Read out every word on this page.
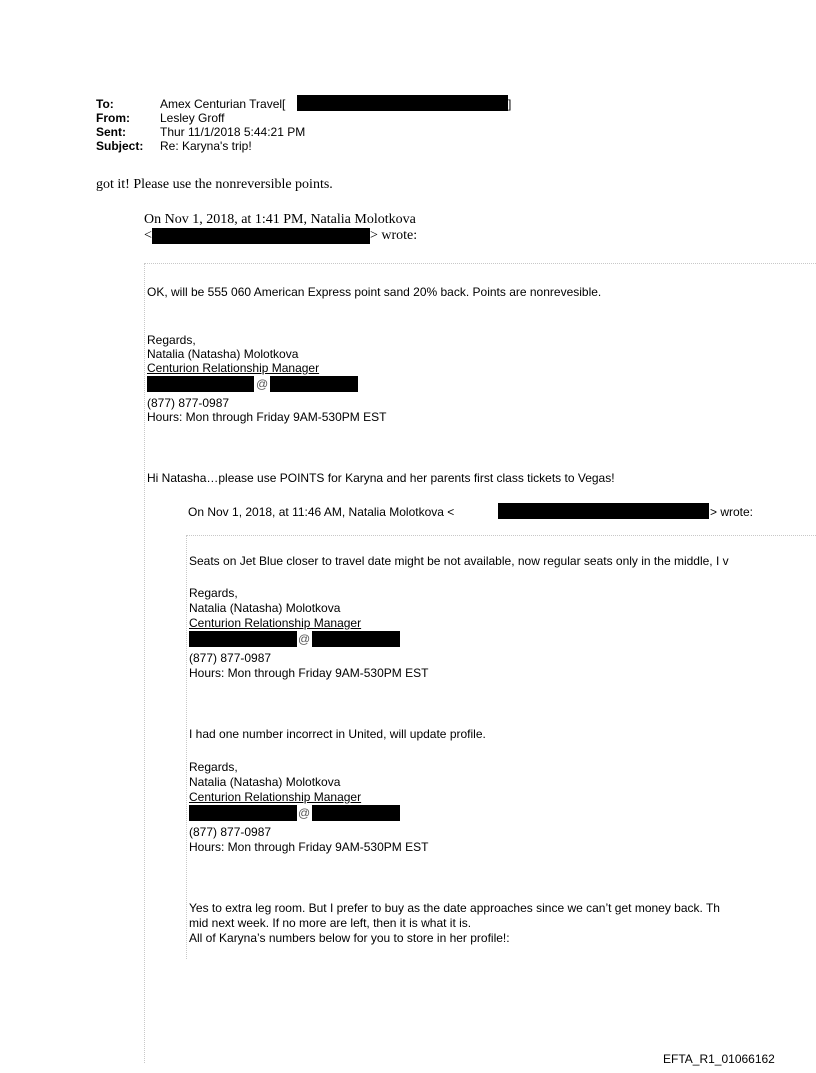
To:	Amex Centurian Travel[
From:	Lesley Groff
Sent:	Thur 11/1/2018 5:44:21 PM
Subject:	Re: Karyna's trip!
]
got it! Please use the nonreversible points.
On Nov 1, 2018, at 1:41 PM, Natalia Molotkova
<	> wrote:
OK, will be 555 060 American Express point sand 20% back. Points are nonrevesible.
Regards,
Natalia (Natasha) Molotkova
Centurion Relationship Manager
@
(877) 877-0987
Hours: Mon through Friday 9AM-530PM EST
Hi Natasha…please use POINTS for Karyna and her parents first class tickets to Vegas!
On Nov 1, 2018, at 11:46 AM, Natalia Molotkova <	> wrote:
Seats on Jet Blue closer to travel date might be not available, now regular seats only in the middle, I v
Regards,
Natalia (Natasha) Molotkova
Centurion Relationship Manager
@
(877) 877-0987
Hours: Mon through Friday 9AM-530PM EST
I had one number incorrect in United, will update profile.
Regards,
Natalia (Natasha) Molotkova
Centurion Relationship Manager
@
(877) 877-0987
Hours: Mon through Friday 9AM-530PM EST
Yes to extra leg room. But I prefer to buy as the date approaches since we can’t get money back. Th
mid next week. If no more are left, then it is what it is.
All of Karyna’s numbers below for you to store in her profile!:
EFTA_R1_01066162
